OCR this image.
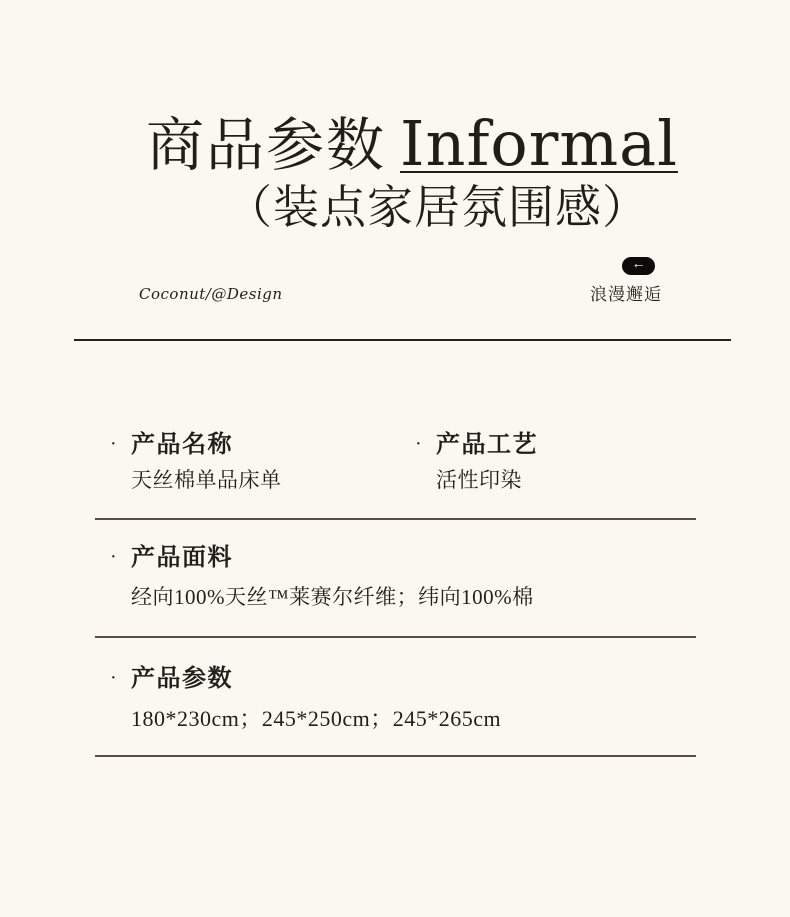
商品参数 Informal
（装点家居氛围感）
Coconut/@Design
←
浪漫邂逅
· 产品名称
天丝棉单品床单
· 产品工艺
活性印染
· 产品面料
经向100%天丝™莱赛尔纤维；纬向100%棉
· 产品参数
180*230cm；245*250cm；245*265cm
